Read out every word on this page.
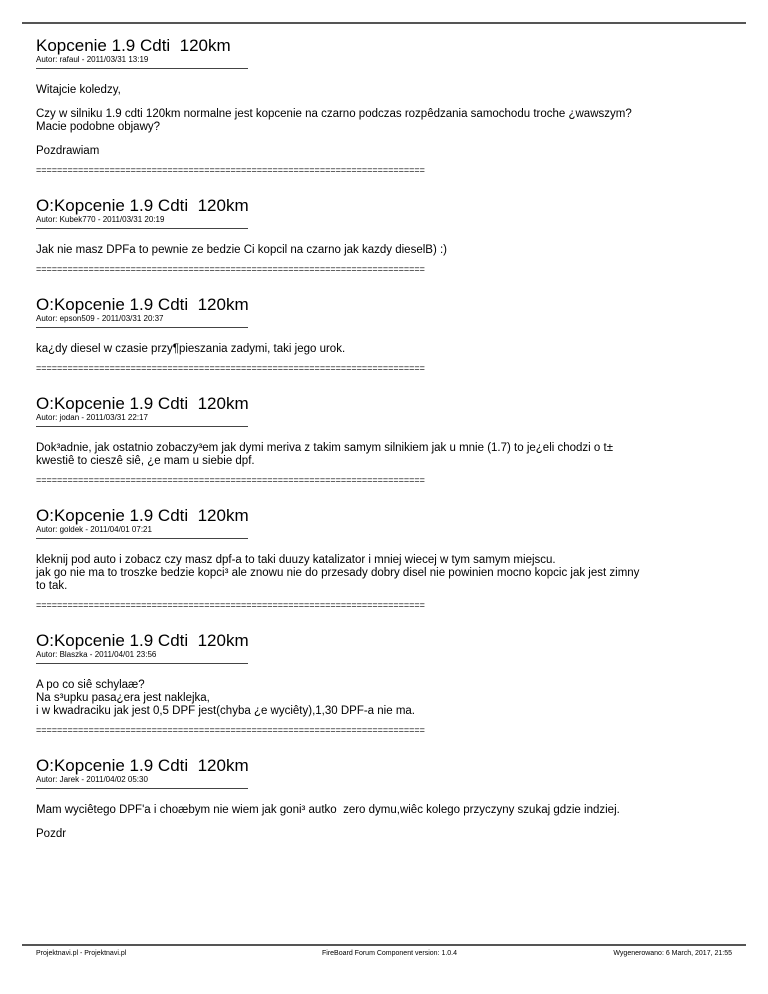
Kopcenie 1.9 Cdti  120km
Autor: rafaul - 2011/03/31 13:19
Witajcie koledzy,
Czy w silniku 1.9 cdti 120km normalne jest kopcenie na czarno podczas rozpêdzania samochodu troche ¿wawszym?
Macie podobne objawy?
Pozdrawiam
==========================================================================
O:Kopcenie 1.9 Cdti  120km
Autor: Kubek770 - 2011/03/31 20:19
Jak nie masz DPFa to pewnie ze bedzie Ci kopcil na czarno jak kazdy dieselB) :)
==========================================================================
O:Kopcenie 1.9 Cdti  120km
Autor: epson509 - 2011/03/31 20:37
ka¿dy diesel w czasie przy¶pieszania zadymi, taki jego urok.
==========================================================================
O:Kopcenie 1.9 Cdti  120km
Autor: jodan - 2011/03/31 22:17
Dok³adnie, jak ostatnio zobaczy³em jak dymi meriva z takim samym silnikiem jak u mnie (1.7) to je¿eli chodzi o t±
kwestiê to cieszê siê, ¿e mam u siebie dpf.
==========================================================================
O:Kopcenie 1.9 Cdti  120km
Autor: goldek - 2011/04/01 07:21
kleknij pod auto i zobacz czy masz dpf-a to taki duuzy katalizator i mniej wiecej w tym samym miejscu.
jak go nie ma to troszke bedzie kopci³ ale znowu nie do przesady dobry disel nie powinien mocno kopcic jak jest zimny
to tak.
==========================================================================
O:Kopcenie 1.9 Cdti  120km
Autor: Blaszka - 2011/04/01 23:56
A po co siê schylaæ?
Na s³upku pasa¿era jest naklejka,
i w kwadraciku jak jest 0,5 DPF jest(chyba ¿e wyciêty),1,30 DPF-a nie ma.
==========================================================================
O:Kopcenie 1.9 Cdti  120km
Autor: Jarek - 2011/04/02 05:30
Mam wyciêtego DPF'a i choæbym nie wiem jak goni³ autko  zero dymu,wiêc kolego przyczyny szukaj gdzie indziej.
Pozdr
Projektnavi.pl - Projektnavi.pl	FireBoard Forum Component version: 1.0.4	Wygenerowano: 6 March, 2017, 21:55
